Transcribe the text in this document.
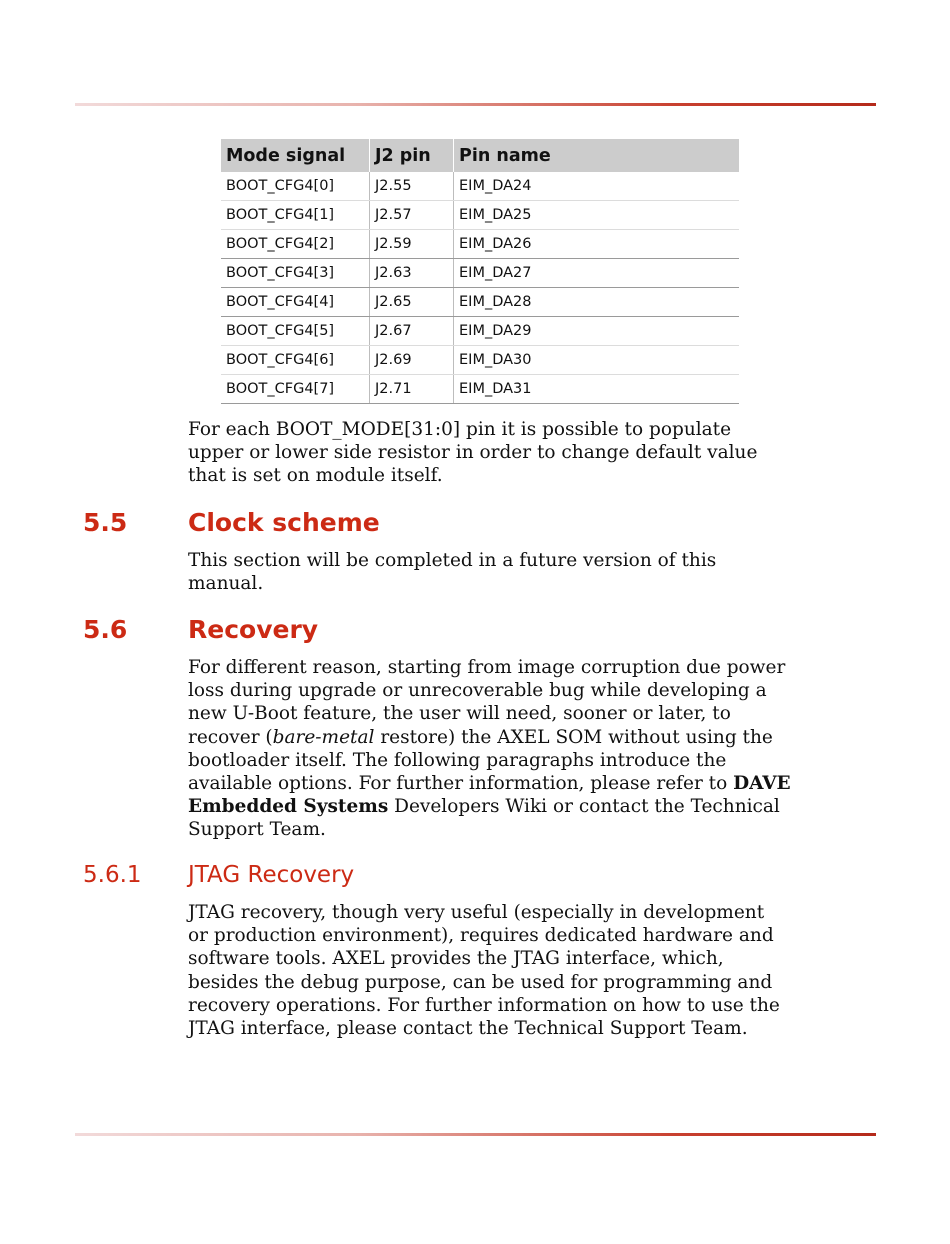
Mode signal	J2 pin	Pin name
BOOT_CFG4[0]	J2.55	EIM_DA24
BOOT_CFG4[1]	J2.57	EIM_DA25
BOOT_CFG4[2]	J2.59	EIM_DA26
BOOT_CFG4[3]	J2.63	EIM_DA27
BOOT_CFG4[4]	J2.65	EIM_DA28
BOOT_CFG4[5]	J2.67	EIM_DA29
BOOT_CFG4[6]	J2.69	EIM_DA30
BOOT_CFG4[7]	J2.71	EIM_DA31

For each BOOT_MODE[31:0] pin it is possible to populate
upper or lower side resistor in order to change default value
that is set on module itself.

5.5 Clock scheme

This section will be completed in a future version of this
manual.

5.6 Recovery

For different reason, starting from image corruption due power
loss during upgrade or unrecoverable bug while developing a
new U-Boot feature, the user will need, sooner or later, to
recover (bare-metal restore) the AXEL SOM without using the
bootloader itself. The following paragraphs introduce the
available options. For further information, please refer to DAVE
Embedded Systems Developers Wiki or contact the Technical
Support Team.

5.6.1 JTAG Recovery

JTAG recovery, though very useful (especially in development
or production environment), requires dedicated hardware and
software tools. AXEL provides the JTAG interface, which,
besides the debug purpose, can be used for programming and
recovery operations. For further information on how to use the
JTAG interface, please contact the Technical Support Team.
